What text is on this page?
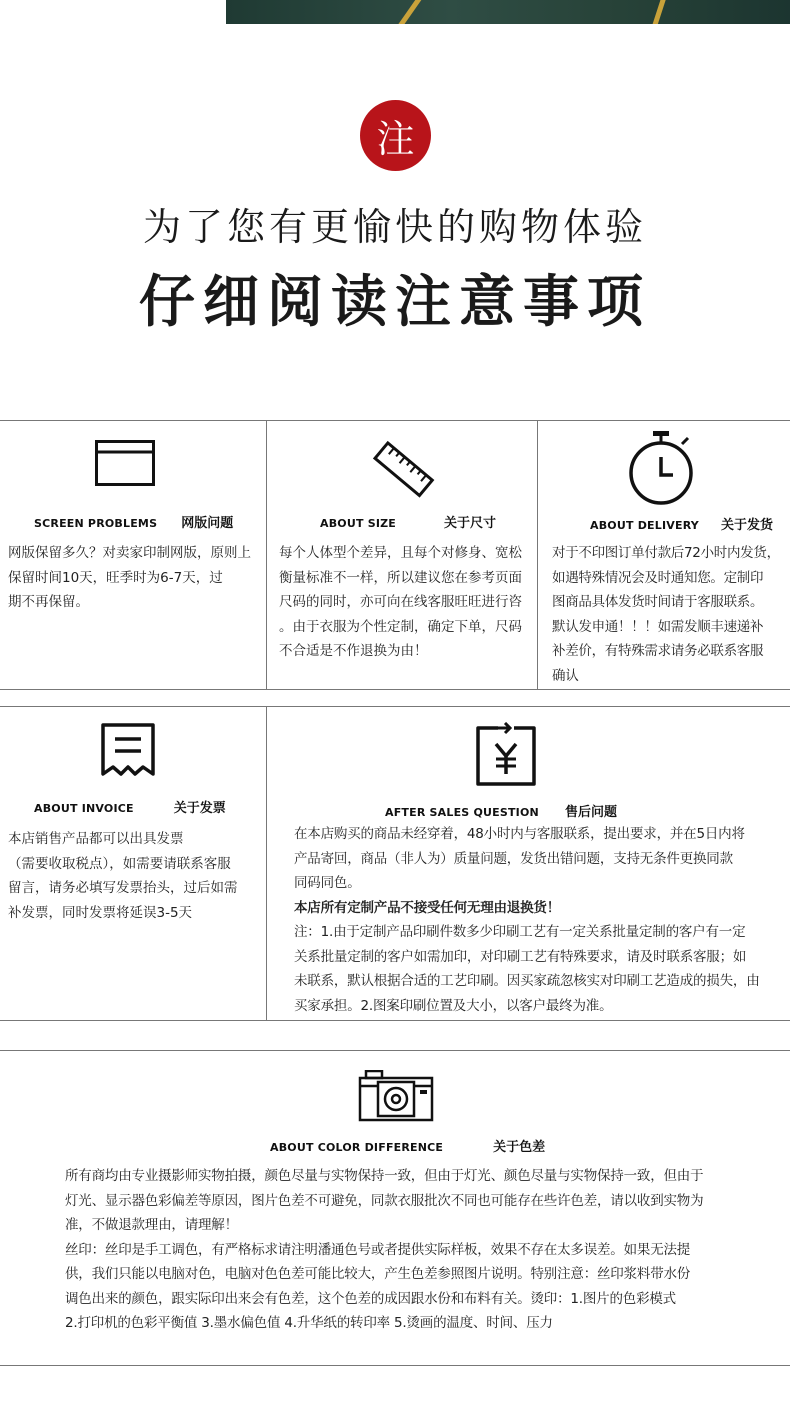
注
为了您有更愉快的购物体验
仔细阅读注意事项
SCREEN PROBLEMS 网版问题

网版保留多久？对卖家印制网版，原则上

保留时间10天，旺季时为6-7天，过

期不再保留。

ABOUT SIZE	关于尺寸

每个人体型个差异，且每个对修身、宽松

衡量标准不一样，所以建议您在参考页面

尺码的同时，亦可向在线客服旺旺进行咨

。由于衣服为个性定制，确定下单，尺码

不合适是不作退换为由！

ABOUT DELIVERY 关于发货

对于不印图订单付款后72小时内发货，

如遇特殊情况会及时通知您。定制印

图商品具体发货时间请于客服联系。

默认发申通！！！如需发顺丰速递补

补差价，有特殊需求请务必联系客服

确认

ABOUT INVOICE	关于发票

本店销售产品都可以出具发票

（需要收取税点），如需要请联系客服

留言，请务必填写发票抬头，过后如需

补发票，同时发票将延误3-5天

AFTER SALES QUESTION 售后问题

在本店购买的商品未经穿着，48小时内与客服联系，提出要求，并在5日内将

产品寄回，商品（非人为）质量问题，发货出错问题，支持无条件更换同款

同码同色。

本店所有定制产品不接受任何无理由退换货！

注：1.由于定制产品印刷件数多少印刷工艺有一定关系批量定制的客户有一定

关系批量定制的客户如需加印，对印刷工艺有特殊要求，请及时联系客服；如

未联系，默认根据合适的工艺印刷。因买家疏忽核实对印刷工艺造成的损失，由

买家承担。2.图案印刷位置及大小，以客户最终为准。

ABOUT COLOR DIFFERENCE	关于色差

所有商均由专业摄影师实物拍摄，颜色尽量与实物保持一致，但由于灯光、颜色尽量与实物保持一致，但由于

灯光、显示器色彩偏差等原因，图片色差不可避免，同款衣服批次不同也可能存在些许色差，请以收到实物为

准，不做退款理由，请理解！

丝印：丝印是手工调色，有严格标求请注明潘通色号或者提供实际样板，效果不存在太多误差。如果无法提

供，我们只能以电脑对色，电脑对色色差可能比较大，产生色差参照图片说明。特别注意：丝印浆料带水份

调色出来的颜色，跟实际印出来会有色差，这个色差的成因跟水份和布料有关。烫印：1.图片的色彩模式

2.打印机的色彩平衡值 3.墨水偏色值 4.升华纸的转印率 5.烫画的温度、时间、压力
